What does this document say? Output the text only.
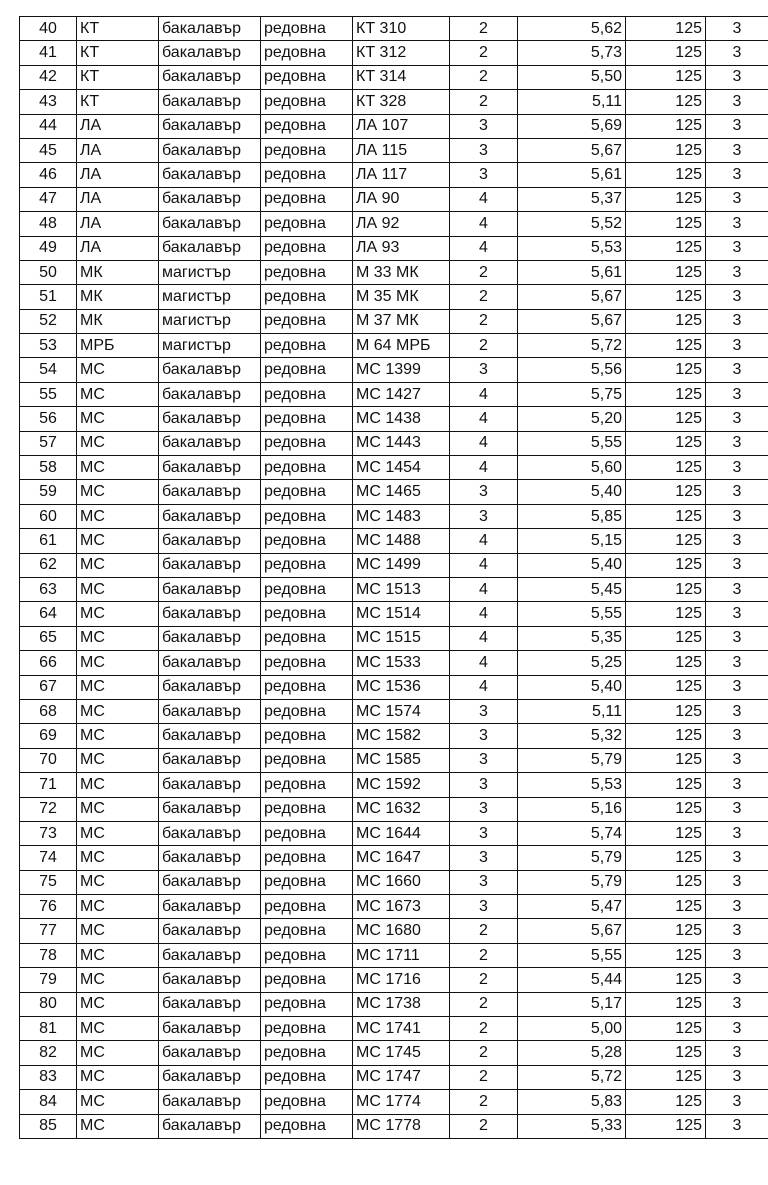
40	КТ	бакалавър	редовна	КТ 310	2	5,62	125	3
41	КТ	бакалавър	редовна	КТ 312	2	5,73	125	3
42	КТ	бакалавър	редовна	КТ 314	2	5,50	125	3
43	КТ	бакалавър	редовна	КТ 328	2	5,11	125	3
44	ЛА	бакалавър	редовна	ЛА 107	3	5,69	125	3
45	ЛА	бакалавър	редовна	ЛА 115	3	5,67	125	3
46	ЛА	бакалавър	редовна	ЛА 117	3	5,61	125	3
47	ЛА	бакалавър	редовна	ЛА 90	4	5,37	125	3
48	ЛА	бакалавър	редовна	ЛА 92	4	5,52	125	3
49	ЛА	бакалавър	редовна	ЛА 93	4	5,53	125	3
50	МК	магистър	редовна	М 33 МК	2	5,61	125	3
51	МК	магистър	редовна	М 35 МК	2	5,67	125	3
52	МК	магистър	редовна	М 37 МК	2	5,67	125	3
53	МРБ	магистър	редовна	М 64 МРБ	2	5,72	125	3
54	МС	бакалавър	редовна	МС 1399	3	5,56	125	3
55	МС	бакалавър	редовна	МС 1427	4	5,75	125	3
56	МС	бакалавър	редовна	МС 1438	4	5,20	125	3
57	МС	бакалавър	редовна	МС 1443	4	5,55	125	3
58	МС	бакалавър	редовна	МС 1454	4	5,60	125	3
59	МС	бакалавър	редовна	МС 1465	3	5,40	125	3
60	МС	бакалавър	редовна	МС 1483	3	5,85	125	3
61	МС	бакалавър	редовна	МС 1488	4	5,15	125	3
62	МС	бакалавър	редовна	МС 1499	4	5,40	125	3
63	МС	бакалавър	редовна	МС 1513	4	5,45	125	3
64	МС	бакалавър	редовна	МС 1514	4	5,55	125	3
65	МС	бакалавър	редовна	МС 1515	4	5,35	125	3
66	МС	бакалавър	редовна	МС 1533	4	5,25	125	3
67	МС	бакалавър	редовна	МС 1536	4	5,40	125	3
68	МС	бакалавър	редовна	МС 1574	3	5,11	125	3
69	МС	бакалавър	редовна	МС 1582	3	5,32	125	3
70	МС	бакалавър	редовна	МС 1585	3	5,79	125	3
71	МС	бакалавър	редовна	МС 1592	3	5,53	125	3
72	МС	бакалавър	редовна	МС 1632	3	5,16	125	3
73	МС	бакалавър	редовна	МС 1644	3	5,74	125	3
74	МС	бакалавър	редовна	МС 1647	3	5,79	125	3
75	МС	бакалавър	редовна	МС 1660	3	5,79	125	3
76	МС	бакалавър	редовна	МС 1673	3	5,47	125	3
77	МС	бакалавър	редовна	МС 1680	2	5,67	125	3
78	МС	бакалавър	редовна	МС 1711	2	5,55	125	3
79	МС	бакалавър	редовна	МС 1716	2	5,44	125	3
80	МС	бакалавър	редовна	МС 1738	2	5,17	125	3
81	МС	бакалавър	редовна	МС 1741	2	5,00	125	3
82	МС	бакалавър	редовна	МС 1745	2	5,28	125	3
83	МС	бакалавър	редовна	МС 1747	2	5,72	125	3
84	МС	бакалавър	редовна	МС 1774	2	5,83	125	3
85	МС	бакалавър	редовна	МС 1778	2	5,33	125	3
